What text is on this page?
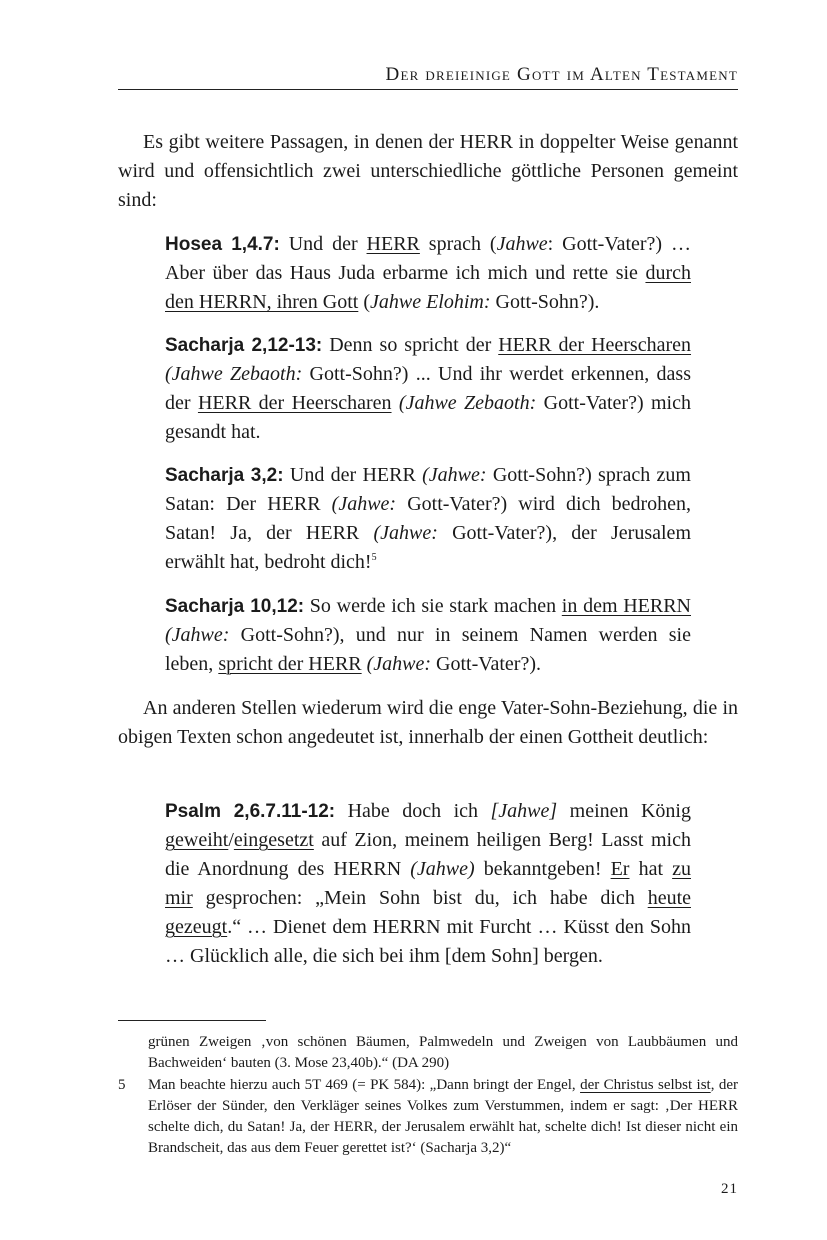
Der dreieinige Gott im Alten Testament

Es gibt weitere Passagen, in denen der HERR in doppelter Weise genannt wird und offensichtlich zwei unterschiedliche göttliche Personen gemeint sind:

Hosea 1,4.7: Und der HERR sprach (Jahwe: Gott-Vater?) … Aber über das Haus Juda erbarme ich mich und rette sie durch den HERRN, ihren Gott (Jahwe Elohim: Gott-Sohn?).

Sacharja 2,12-13: Denn so spricht der HERR der Heerscharen (Jahwe Zebaoth: Gott-Sohn?) ... Und ihr werdet erkennen, dass der HERR der Heerscharen (Jahwe Zebaoth: Gott-Vater?) mich gesandt hat.

Sacharja 3,2: Und der HERR (Jahwe: Gott-Sohn?) sprach zum Satan: Der HERR (Jahwe: Gott-Vater?) wird dich bedrohen, Satan! Ja, der HERR (Jahwe: Gott-Vater?), der Jerusalem erwählt hat, bedroht dich!$^5$

Sacharja 10,12: So werde ich sie stark machen in dem HERRN (Jahwe: Gott-Sohn?), und nur in seinem Namen werden sie leben, spricht der HERR (Jahwe: Gott-Vater?).

An anderen Stellen wiederum wird die enge Vater-Sohn-Beziehung, die in obigen Texten schon angedeutet ist, innerhalb der einen Gottheit deutlich:

Psalm 2,6.7.11-12: Habe doch ich [Jahwe] meinen König geweiht/eingesetzt auf Zion, meinem heiligen Berg! Lasst mich die Anordnung des HERRN (Jahwe) bekanntgeben! Er hat zu mir gesprochen: „Mein Sohn bist du, ich habe dich heute gezeugt.“ … Dienet dem HERRN mit Furcht … Küsst den Sohn … Glücklich alle, die sich bei ihm [dem Sohn] bergen.

grünen Zweigen ‚von schönen Bäumen, Palmwedeln und Zweigen von Laubbäumen und Bachweiden‘ bauten (3. Mose 23,40b).“ (DA 290)

5 Man beachte hierzu auch 5T 469 (= PK 584): „Dann bringt der Engel, der Christus selbst ist, der Erlöser der Sünder, den Verkläger seines Volkes zum Verstummen, indem er sagt: ‚Der HERR schelte dich, du Satan! Ja, der HERR, der Jerusalem erwählt hat, schelte dich! Ist dieser nicht ein Brandscheit, das aus dem Feuer gerettet ist?‘ (Sacharja 3,2)“

21
